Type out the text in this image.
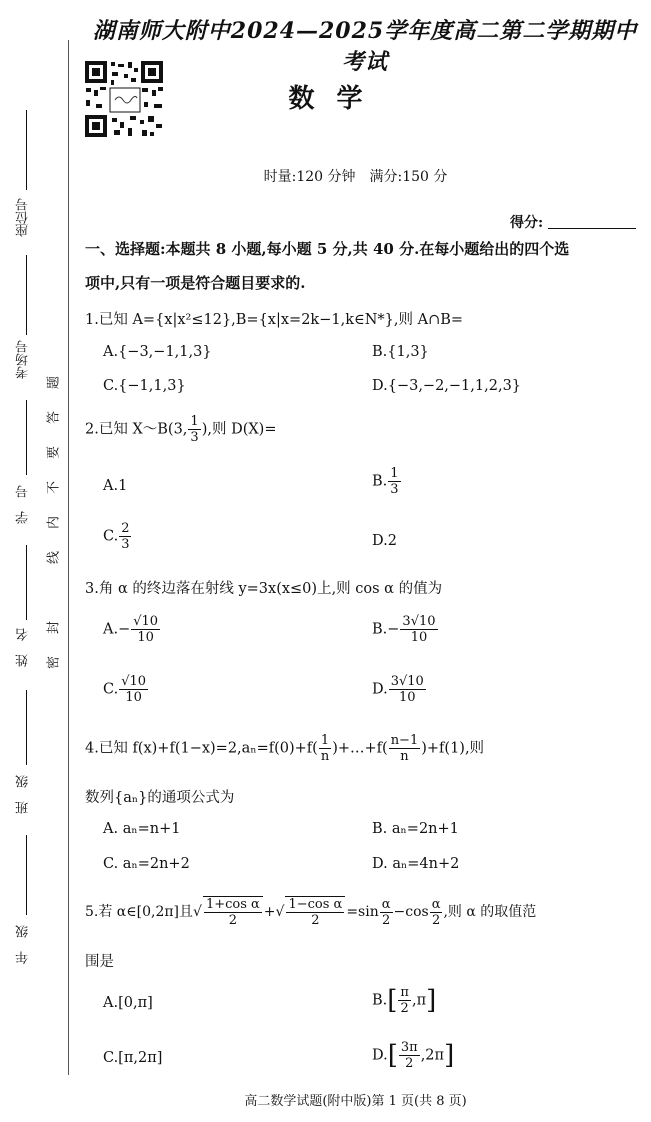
座位号
考场号
学　号
姓　名
班　级
年　级
题
答
要
不
内
线
封
密
湖南师大附中2024—2025学年度高二第二学期期中考试
数学
时量:120 分钟　满分:150 分
得分:
一、选择题:本题共 8 小题,每小题 5 分,共 40 分.在每小题给出的四个选
项中,只有一项是符合题目要求的.
1.已知 A={x|x²≤12},B={x|x=2k−1,k∈N*},则 A∩B=
A.{−3,−1,1,3}	B.{1,3}
C.{−1,1,3}	D.{−3,−2,−1,1,2,3}
2.已知 X～B(3, $\frac{1}{3}$ ),则 D(X)=
A.1	B. $\frac{1}{3}$
C. $\frac{2}{3}$	D.2
3.角 α 的终边落在射线 y=3x(x≤0)上,则 cos α 的值为
$A.- \frac{√10}{10}$	$B.- \frac{3√10}{10}$
C. $\frac{√10}{10}$	D. $\frac{3√10}{10}$
4.已知 $f(x)+f(1-x)=2,a_n=f(0)+f( \frac{1}{n}$ )+…+f( $\frac{n-1}{n} )+f(1)$,则
数列{aₙ}的通项公式为
A. aₙ=n+1	B. aₙ=2n+1
C. aₙ=2n+2	D. aₙ=4n+2
5.若 α∈[0,2π]且√ $\frac{\text{1+cos α}}{2}$ +√ $\frac{\text{1−cos α}}{2} =\sin \frac{\alpha}{2} -\cos \frac{\alpha}{2}$ ,则 α 的取值范
围是
A.[0,π]	$B.[ \frac{\pi}{2} ,\pi]$
C.[π,2π]	$D.[ \frac{3\pi}{2} ,2\pi]$
高二数学试题(附中版)第 1 页(共 8 页)
